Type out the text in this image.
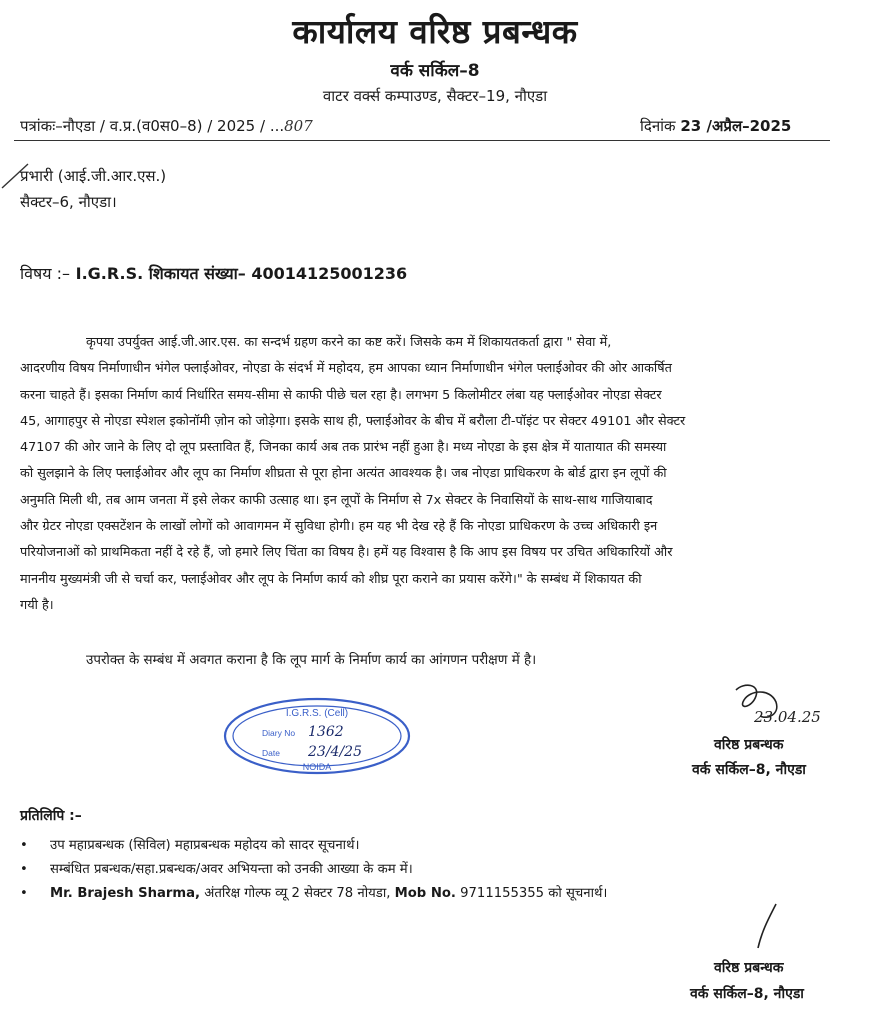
कार्यालय वरिष्ठ प्रबन्धक
वर्क सर्किल–8
वाटर वर्क्स कम्पाउण्ड, सैक्टर–19, नौएडा
पत्रांकः–नौएडा / व.प्र.(व0स0–8) / 2025 / ...807	दिनांक 23 /अप्रैल–2025
प्रभारी (आई.जी.आर.एस.)
सैक्टर–6, नौएडा।
विषय :– I.G.R.S. शिकायत संख्या– 40014125001236
कृपया उपर्युक्त आई.जी.आर.एस. का सन्दर्भ ग्रहण करने का कष्ट करें। जिसके कम में शिकायतकर्ता द्वारा " सेवा में,
आदरणीय विषय निर्माणाधीन भंगेल फ्लाईओवर, नोएडा के संदर्भ में महोदय, हम आपका ध्यान निर्माणाधीन भंगेल फ्लाईओवर की ओर आकर्षित
करना चाहते हैं। इसका निर्माण कार्य निर्धारित समय-सीमा से काफी पीछे चल रहा है। लगभग 5 किलोमीटर लंबा यह फ्लाईओवर नोएडा सेक्टर
45, आगाहपुर से नोएडा स्पेशल इकोनॉमी ज़ोन को जोड़ेगा। इसके साथ ही, फ्लाईओवर के बीच में बरौला टी-पॉइंट पर सेक्टर 49101 और सेक्टर
47107 की ओर जाने के लिए दो लूप प्रस्तावित हैं, जिनका कार्य अब तक प्रारंभ नहीं हुआ है। मध्य नोएडा के इस क्षेत्र में यातायात की समस्या
को सुलझाने के लिए फ्लाईओवर और लूप का निर्माण शीघ्रता से पूरा होना अत्यंत आवश्यक है। जब नोएडा प्राधिकरण के बोर्ड द्वारा इन लूपों की
अनुमति मिली थी, तब आम जनता में इसे लेकर काफी उत्साह था। इन लूपों के निर्माण से 7x सेक्टर के निवासियों के साथ-साथ गाजियाबाद
और ग्रेटर नोएडा एक्सटेंशन के लाखों लोगों को आवागमन में सुविधा होगी। हम यह भी देख रहे हैं कि नोएडा प्राधिकरण के उच्च अधिकारी इन
परियोजनाओं को प्राथमिकता नहीं दे रहे हैं, जो हमारे लिए चिंता का विषय है। हमें यह विश्वास है कि आप इस विषय पर उचित अधिकारियों और
माननीय मुख्यमंत्री जी से चर्चा कर, फ्लाईओवर और लूप के निर्माण कार्य को शीघ्र पूरा कराने का प्रयास करेंगे।" के सम्बंध में शिकायत की
गयी है।
उपरोक्त के सम्बंध में अवगत कराना है कि लूप मार्ग के निर्माण कार्य का आंगणन परीक्षण में है।
23.04.25
वरिष्ठ प्रबन्धक
वर्क सर्किल–8, नौएडा
I.G.R.S. (Cell)
Diary No 1362
Date 23/4/25
NOIDA
प्रतिलिपि :–
• उप महाप्रबन्धक (सिविल) महाप्रबन्धक महोदय को सादर सूचनार्थ।
• सम्बंधित प्रबन्धक/सहा.प्रबन्धक/अवर अभियन्ता को उनकी आख्या के कम में।
• Mr. Brajesh Sharma, अंतरिक्ष गोल्फ व्यू 2 सेक्टर 78 नोयडा, Mob No. 9711155355 को सूचनार्थ।
वरिष्ठ प्रबन्धक
वर्क सर्किल–8, नौएडा
